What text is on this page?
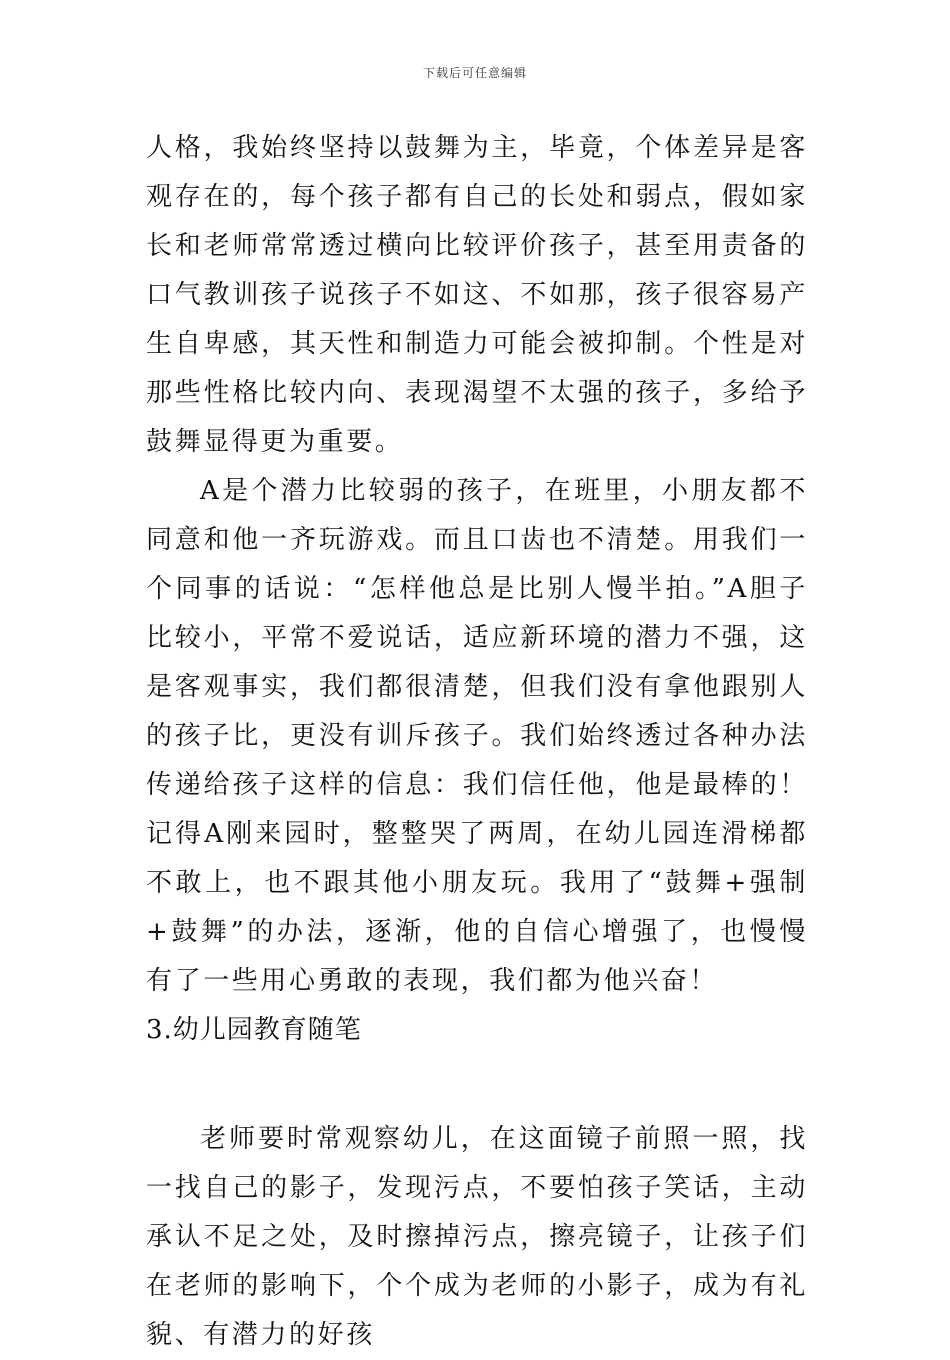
下载后可任意编辑

人格，我始终坚持以鼓舞为主，毕竟，个体差异是客观存在的，每个孩子都有自己的长处和弱点，假如家长和老师常常透过横向比较评价孩子，甚至用责备的口气教训孩子说孩子不如这、不如那，孩子很容易产生自卑感，其天性和制造力可能会被抑制。个性是对那些性格比较内向、表现渴望不太强的孩子，多给予鼓舞显得更为重要。

A是个潜力比较弱的孩子，在班里，小朋友都不同意和他一齐玩游戏。而且口齿也不清楚。用我们一个同事的话说：“怎样他总是比别人慢半拍。”A胆子比较小，平常不爱说话，适应新环境的潜力不强，这是客观事实，我们都很清楚，但我们没有拿他跟别人的孩子比，更没有训斥孩子。我们始终透过各种办法传递给孩子这样的信息：我们信任他，他是最棒的！记得A刚来园时，整整哭了两周，在幼儿园连滑梯都不敢上，也不跟其他小朋友玩。我用了“鼓舞+强制+鼓舞”的办法，逐渐，他的自信心增强了，也慢慢有了一些用心勇敢的表现，我们都为他兴奋！

3.幼儿园教育随笔

老师要时常观察幼儿，在这面镜子前照一照，找一找自己的影子，发现污点，不要怕孩子笑话，主动承认不足之处，及时擦掉污点，擦亮镜子，让孩子们在老师的影响下，个个成为老师的小影子，成为有礼貌、有潜力的好孩
